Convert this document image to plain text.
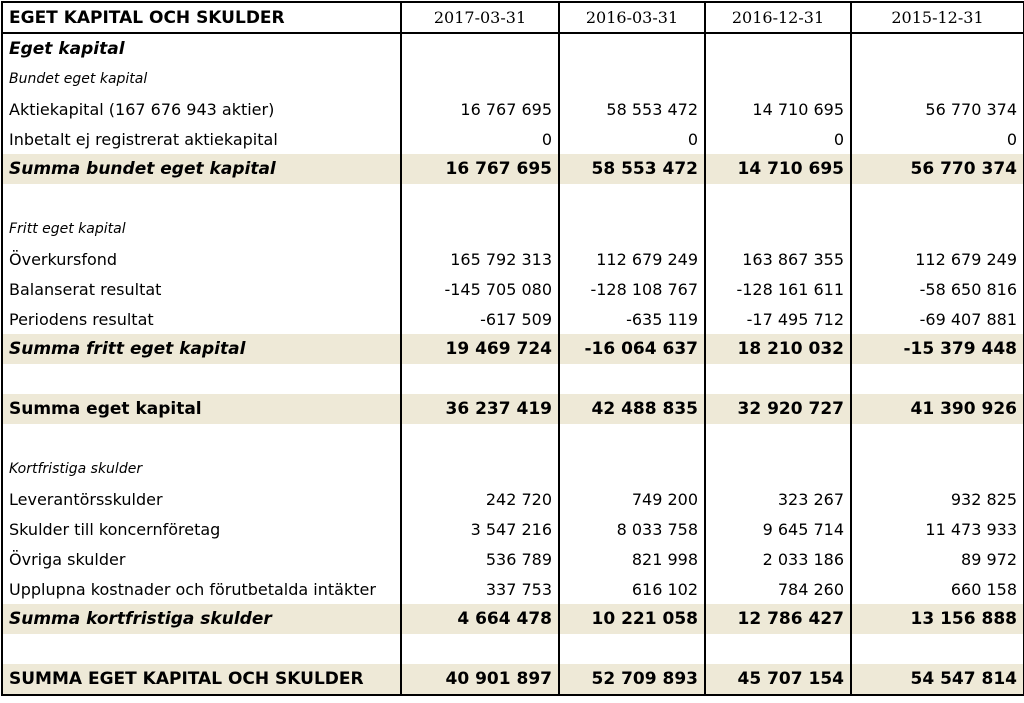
EGET KAPITAL OCH SKULDER	2017-03-31	2016-03-31	2016-12-31	2015-12-31
Eget kapital				
Bundet eget kapital				
Aktiekapital (167 676 943 aktier)	16 767 695	58 553 472	14 710 695	56 770 374
Inbetalt ej registrerat aktiekapital	0	0	0	0
Summa bundet eget kapital	16 767 695	58 553 472	14 710 695	56 770 374

Fritt eget kapital				
Överkursfond	165 792 313	112 679 249	163 867 355	112 679 249
Balanserat resultat	-145 705 080	-128 108 767	-128 161 611	-58 650 816
Periodens resultat	-617 509	-635 119	-17 495 712	-69 407 881
Summa fritt eget kapital	19 469 724	-16 064 637	18 210 032	-15 379 448

Summa eget kapital	36 237 419	42 488 835	32 920 727	41 390 926

Kortfristiga skulder				
Leverantörsskulder	242 720	749 200	323 267	932 825
Skulder till koncernföretag	3 547 216	8 033 758	9 645 714	11 473 933
Övriga skulder	536 789	821 998	2 033 186	89 972
Upplupna kostnader och förutbetalda intäkter	337 753	616 102	784 260	660 158
Summa kortfristiga skulder	4 664 478	10 221 058	12 786 427	13 156 888

SUMMA EGET KAPITAL OCH SKULDER	40 901 897	52 709 893	45 707 154	54 547 814
